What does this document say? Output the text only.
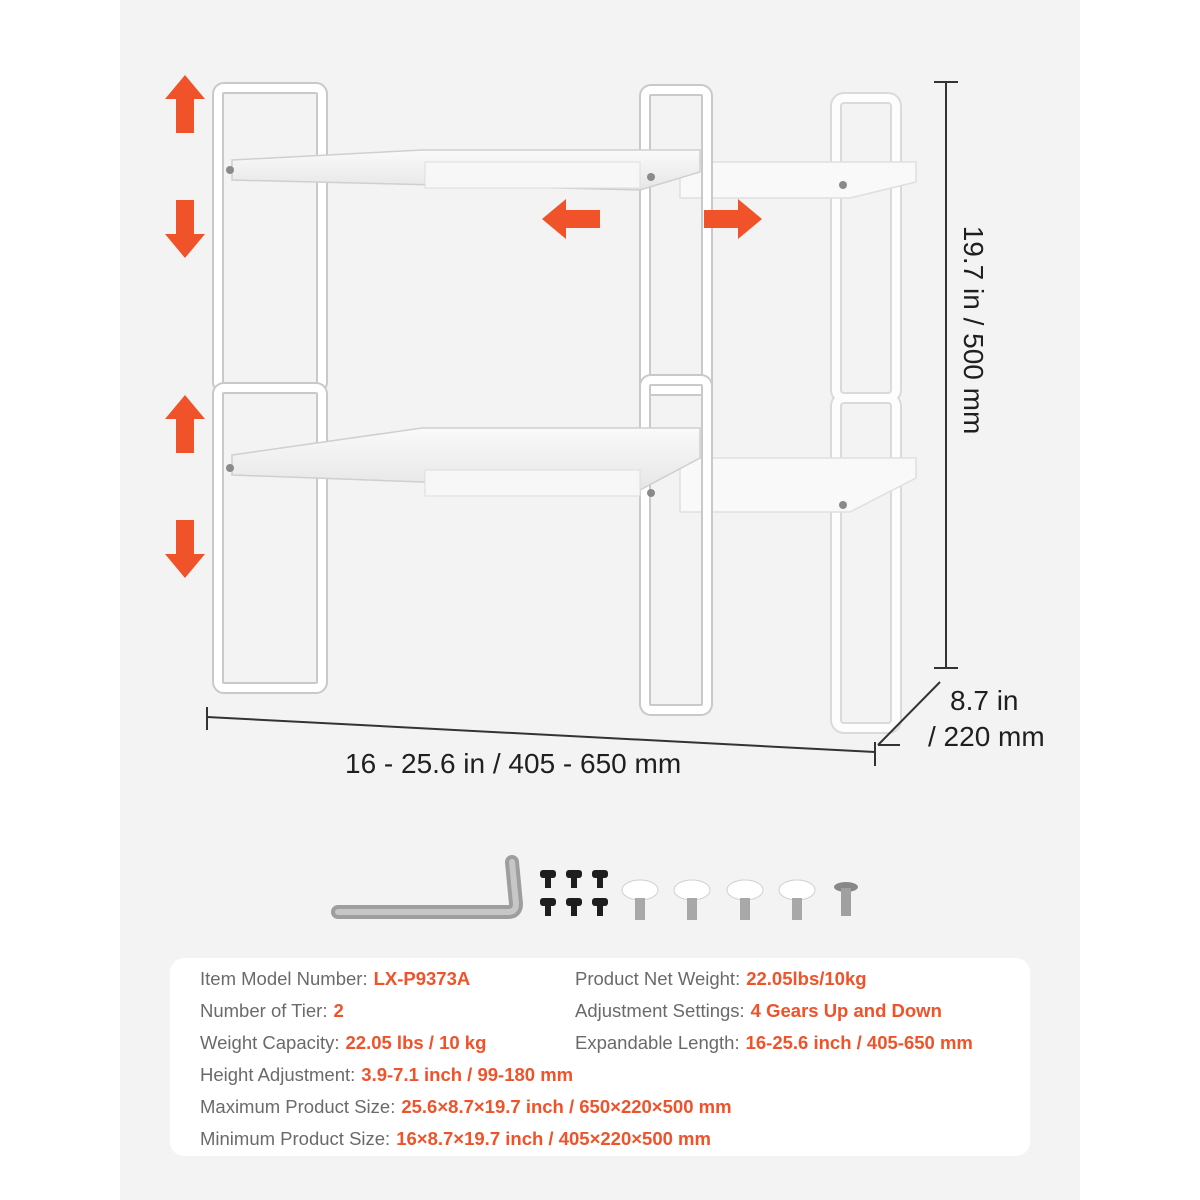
16 - 25.6 in / 405 - 650 mm
8.7 in
/ 220 mm
19.7 in / 500 mm
Item Model Number: LX-P9373A	Product Net Weight: 22.05lbs/10kg
Number of Tier: 2	Adjustment Settings: 4 Gears Up and Down
Weight Capacity: 22.05 lbs / 10 kg	Expandable Length: 16-25.6 inch / 405-650 mm
Height Adjustment: 3.9-7.1 inch / 99-180 mm
Maximum Product Size: 25.6×8.7×19.7 inch / 650×220×500 mm
Minimum Product Size: 16×8.7×19.7 inch / 405×220×500 mm
